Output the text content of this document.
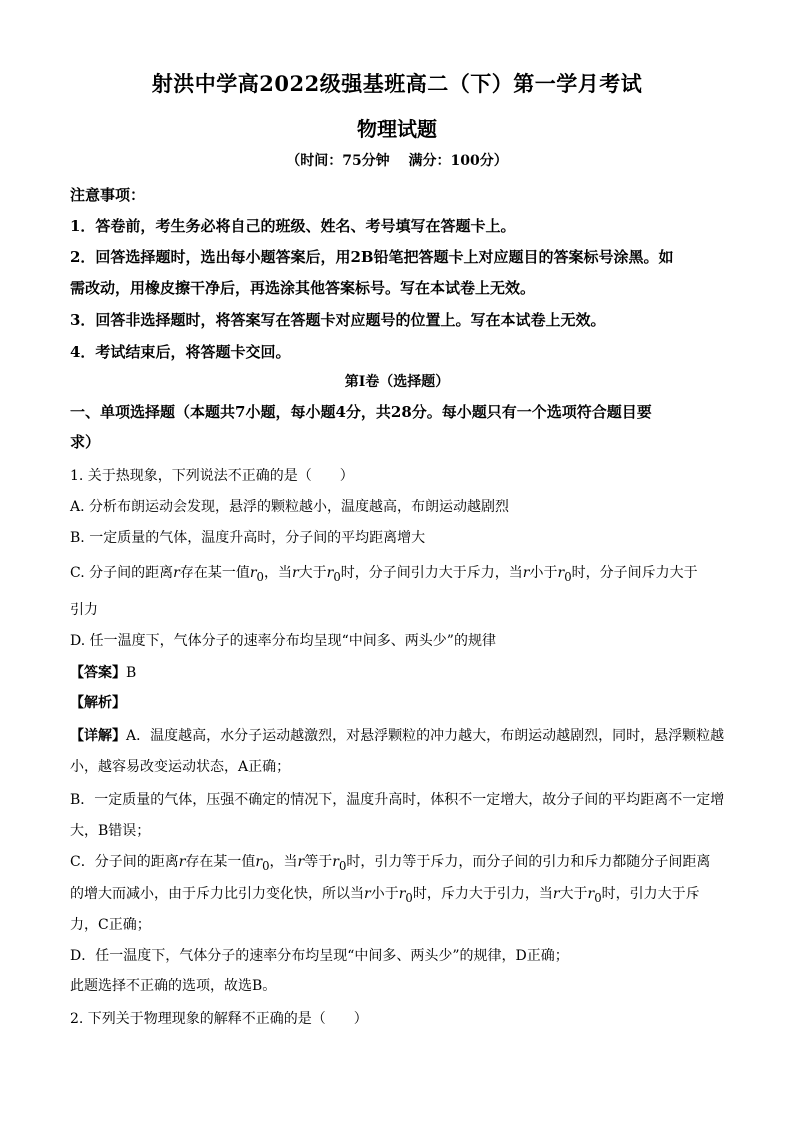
射洪中学高2022级强基班高二（下）第一学月考试
物理试题
（时间：75分钟　 满分：100分）
注意事项：
1．答卷前，考生务必将自己的班级、姓名、考号填写在答题卡上。
2．回答选择题时，选出每小题答案后，用2B铅笔把答题卡上对应题目的答案标号涂黑。如
需改动，用橡皮擦干净后，再选涂其他答案标号。写在本试卷上无效。
3．回答非选择题时，将答案写在答题卡对应题号的位置上。写在本试卷上无效。
4．考试结束后，将答题卡交回。
第I卷（选择题）
一、单项选择题（本题共7小题，每小题4分，共28分。每小题只有一个选项符合题目要
求）
1. 关于热现象，下列说法不正确的是（　　）
A. 分析布朗运动会发现，悬浮的颗粒越小，温度越高，布朗运动越剧烈
B. 一定质量的气体，温度升高时，分子间的平均距离增大
C. 分子间的距离r存在某一值$r_0$，当r大于$r_0$时，分子间引力大于斥力，当r小于$r_0$时，分子间斥力大于
引力
D. 任一温度下，气体分子的速率分布均呈现“中间多、两头少”的规律
【答案】B
【解析】
【详解】A．温度越高，水分子运动越激烈，对悬浮颗粒的冲力越大，布朗运动越剧烈，同时，悬浮颗粒越
小，越容易改变运动状态，A正确；
B．一定质量的气体，压强不确定的情况下，温度升高时，体积不一定增大，故分子间的平均距离不一定增
大，B错误；
C．分子间的距离r存在某一值$r_0$，当r等于$r_0$时，引力等于斥力，而分子间的引力和斥力都随分子间距离
的增大而减小，由于斥力比引力变化快，所以当r小于$r_0$时，斥力大于引力，当r大于$r_0$时，引力大于斥
力，C正确；
D．任一温度下，气体分子的速率分布均呈现“中间多、两头少”的规律，D正确；
此题选择不正确的选项，故选B。
2. 下列关于物理现象的解释不正确的是（　　）
